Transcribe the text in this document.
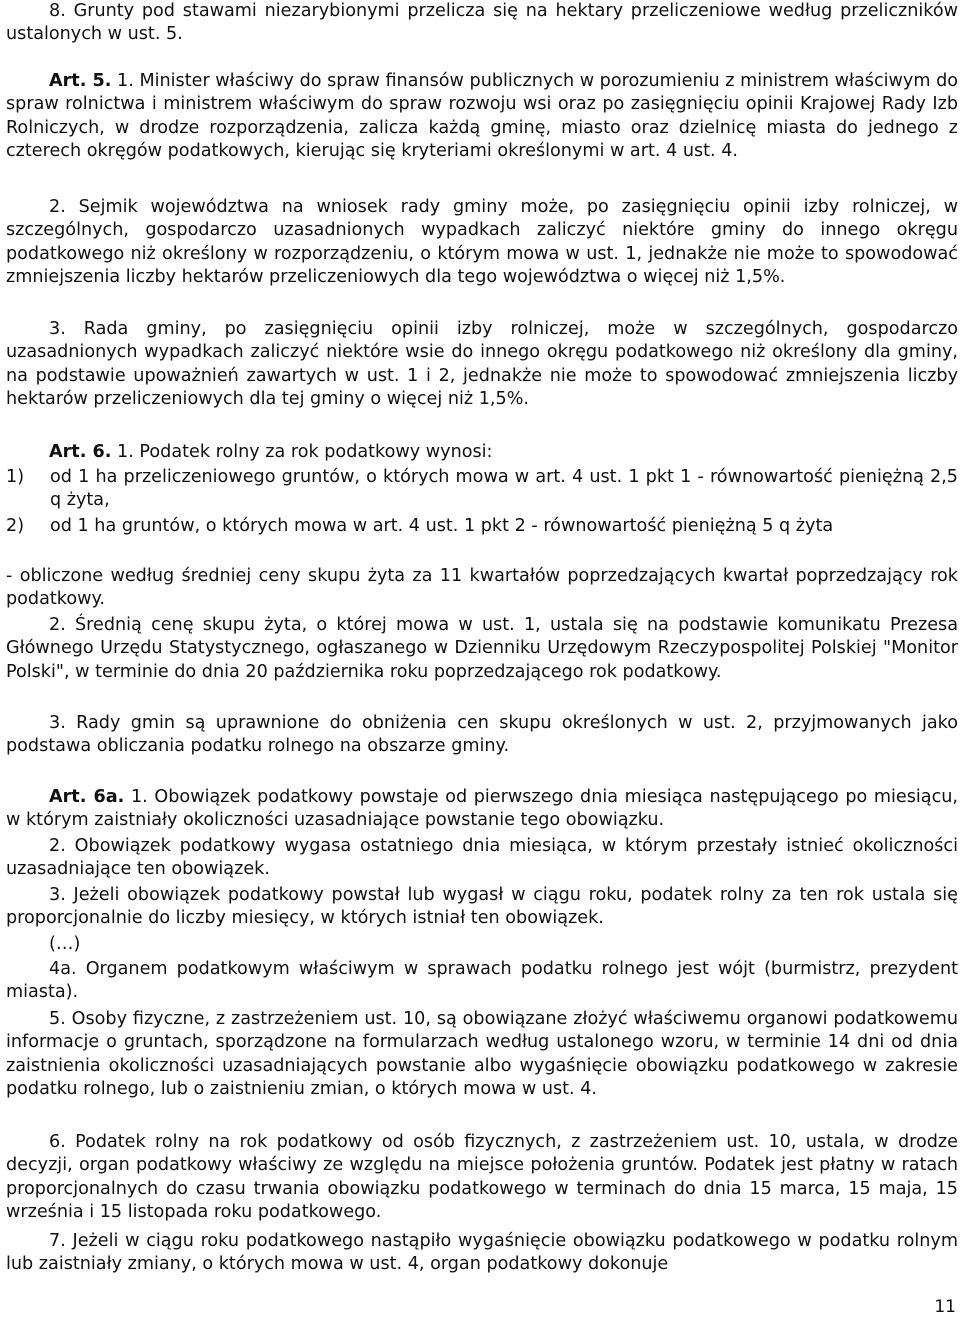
8. Grunty pod stawami niezarybionymi przelicza się na hektary przeliczeniowe według przeliczników ustalonych w ust. 5.

Art. 5. 1. Minister właściwy do spraw finansów publicznych w porozumieniu z ministrem właściwym do spraw rolnictwa i ministrem właściwym do spraw rozwoju wsi oraz po zasięgnięciu opinii Krajowej Rady Izb Rolniczych, w drodze rozporządzenia, zalicza każdą gminę, miasto oraz dzielnicę miasta do jednego z czterech okręgów podatkowych, kierując się kryteriami określonymi w art. 4 ust. 4.

2. Sejmik województwa na wniosek rady gminy może, po zasięgnięciu opinii izby rolniczej, w szczególnych, gospodarczo uzasadnionych wypadkach zaliczyć niektóre gminy do innego okręgu podatkowego niż określony w rozporządzeniu, o którym mowa w ust. 1, jednakże nie może to spowodować zmniejszenia liczby hektarów przeliczeniowych dla tego województwa o więcej niż 1,5%.

3. Rada gminy, po zasięgnięciu opinii izby rolniczej, może w szczególnych, gospodarczo uzasadnionych wypadkach zaliczyć niektóre wsie do innego okręgu podatkowego niż określony dla gminy, na podstawie upoważnień zawartych w ust. 1 i 2, jednakże nie może to spowodować zmniejszenia liczby hektarów przeliczeniowych dla tej gminy o więcej niż 1,5%.

Art. 6. 1. Podatek rolny za rok podatkowy wynosi:

1) od 1 ha przeliczeniowego gruntów, o których mowa w art. 4 ust. 1 pkt 1 - równowartość pieniężną 2,5 q żyta,

2) od 1 ha gruntów, o których mowa w art. 4 ust. 1 pkt 2 - równowartość pieniężną 5 q żyta

- obliczone według średniej ceny skupu żyta za 11 kwartałów poprzedzających kwartał poprzedzający rok podatkowy.

2. Średnią cenę skupu żyta, o której mowa w ust. 1, ustala się na podstawie komunikatu Prezesa Głównego Urzędu Statystycznego, ogłaszanego w Dzienniku Urzędowym Rzeczypospolitej Polskiej "Monitor Polski", w terminie do dnia 20 października roku poprzedzającego rok podatkowy.

3. Rady gmin są uprawnione do obniżenia cen skupu określonych w ust. 2, przyjmowanych jako podstawa obliczania podatku rolnego na obszarze gminy.

Art. 6a. 1. Obowiązek podatkowy powstaje od pierwszego dnia miesiąca następującego po miesiącu, w którym zaistniały okoliczności uzasadniające powstanie tego obowiązku.

2. Obowiązek podatkowy wygasa ostatniego dnia miesiąca, w którym przestały istnieć okoliczności uzasadniające ten obowiązek.

3. Jeżeli obowiązek podatkowy powstał lub wygasł w ciągu roku, podatek rolny za ten rok ustala się proporcjonalnie do liczby miesięcy, w których istniał ten obowiązek.

(…)

4a. Organem podatkowym właściwym w sprawach podatku rolnego jest wójt (burmistrz, prezydent miasta).

5. Osoby fizyczne, z zastrzeżeniem ust. 10, są obowiązane złożyć właściwemu organowi podatkowemu informacje o gruntach, sporządzone na formularzach według ustalonego wzoru, w terminie 14 dni od dnia zaistnienia okoliczności uzasadniających powstanie albo wygaśnięcie obowiązku podatkowego w zakresie podatku rolnego, lub o zaistnieniu zmian, o których mowa w ust. 4.

6. Podatek rolny na rok podatkowy od osób fizycznych, z zastrzeżeniem ust. 10, ustala, w drodze decyzji, organ podatkowy właściwy ze względu na miejsce położenia gruntów. Podatek jest płatny w ratach proporcjonalnych do czasu trwania obowiązku podatkowego w terminach do dnia 15 marca, 15 maja, 15 września i 15 listopada roku podatkowego.

7. Jeżeli w ciągu roku podatkowego nastąpiło wygaśnięcie obowiązku podatkowego w podatku rolnym lub zaistniały zmiany, o których mowa w ust. 4, organ podatkowy dokonuje

11
